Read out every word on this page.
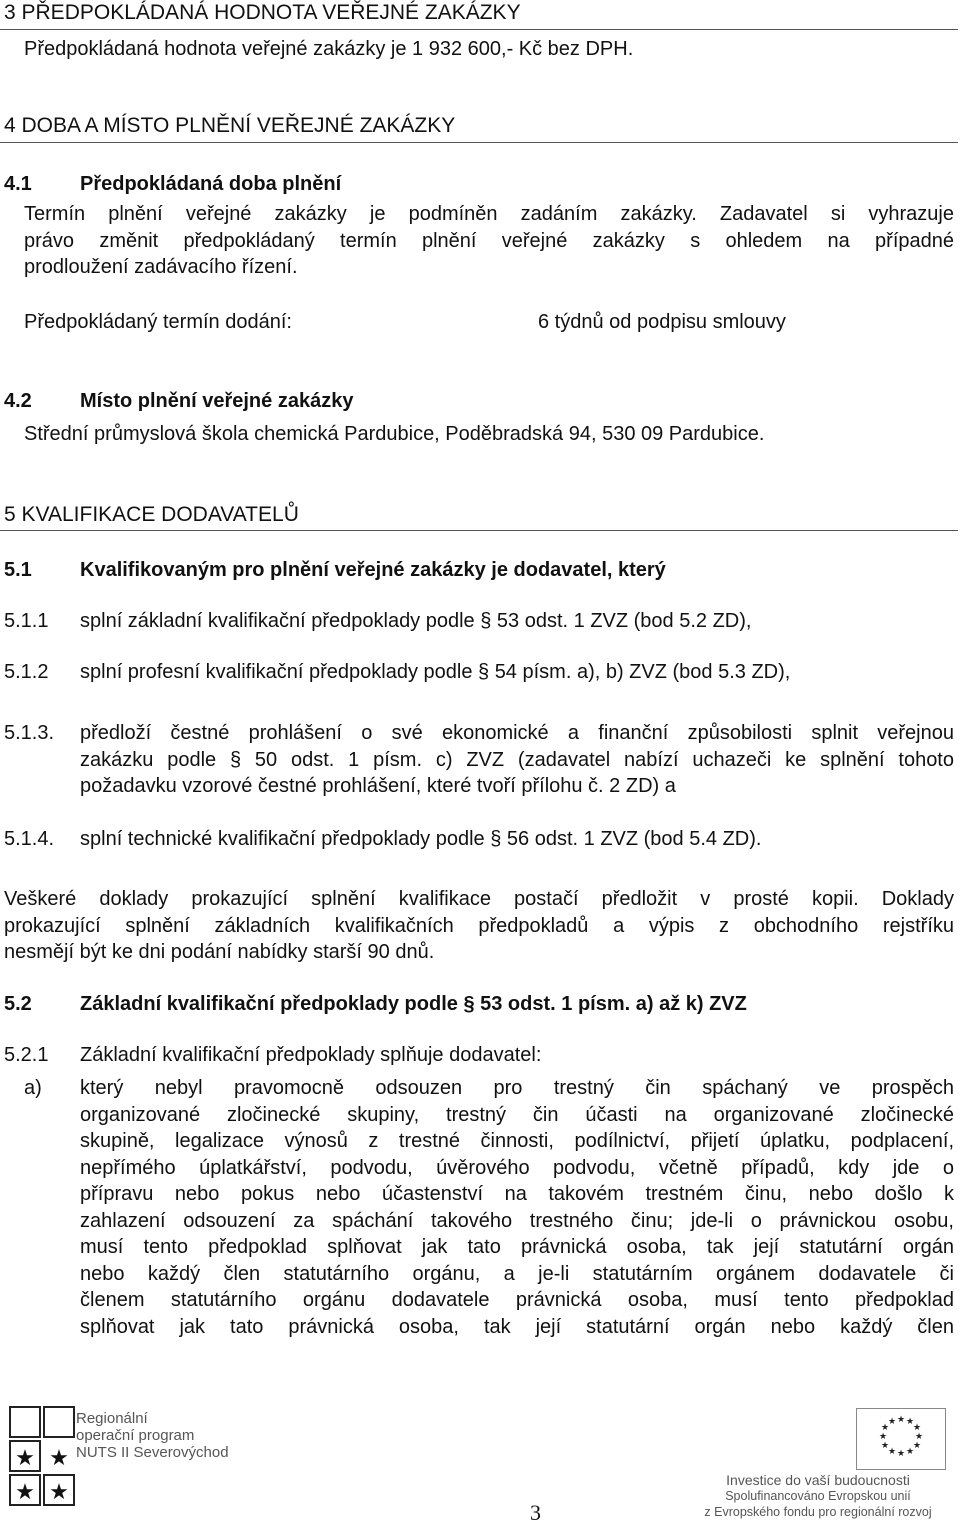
3 PŘEDPOKLÁDANÁ HODNOTA VEŘEJNÉ ZAKÁZKY
Předpokládaná hodnota veřejné zakázky je 1 932 600,- Kč bez DPH.
4 DOBA A MÍSTO PLNĚNÍ VEŘEJNÉ ZAKÁZKY
4.1 Předpokládaná doba plnění
Termín plnění veřejné zakázky je podmíněn zadáním zakázky. Zadavatel si vyhrazuje
právo změnit předpokládaný termín plnění veřejné zakázky s ohledem na případné
prodloužení zadávacího řízení.
Předpokládaný termín dodání:	6 týdnů od podpisu smlouvy
4.2 Místo plnění veřejné zakázky
Střední průmyslová škola chemická Pardubice, Poděbradská 94, 530 09 Pardubice.
5 KVALIFIKACE DODAVATELŮ
5.1 Kvalifikovaným pro plnění veřejné zakázky je dodavatel, který
5.1.1 splní základní kvalifikační předpoklady podle § 53 odst. 1 ZVZ (bod 5.2 ZD),
5.1.2 splní profesní kvalifikační předpoklady podle § 54 písm. a), b) ZVZ (bod 5.3 ZD),
5.1.3. předloží čestné prohlášení o své ekonomické a finanční způsobilosti splnit veřejnou
zakázku podle § 50 odst. 1 písm. c) ZVZ (zadavatel nabízí uchazeči ke splnění tohoto
požadavku vzorové čestné prohlášení, které tvoří přílohu č. 2 ZD) a
5.1.4. splní technické kvalifikační předpoklady podle § 56 odst. 1 ZVZ (bod 5.4 ZD).
Veškeré doklady prokazující splnění kvalifikace postačí předložit v prosté kopii. Doklady
prokazující splnění základních kvalifikačních předpokladů a výpis z obchodního rejstříku
nesmějí být ke dni podání nabídky starší 90 dnů.
5.2 Základní kvalifikační předpoklady podle § 53 odst. 1 písm. a) až k) ZVZ
5.2.1 Základní kvalifikační předpoklady splňuje dodavatel:
a) který nebyl pravomocně odsouzen pro trestný čin spáchaný ve prospěch
organizované zločinecké skupiny, trestný čin účasti na organizované zločinecké
skupině, legalizace výnosů z trestné činnosti, podílnictví, přijetí úplatku, podplacení,
nepřímého úplatkářství, podvodu, úvěrového podvodu, včetně případů, kdy jde o
přípravu nebo pokus nebo účastenství na takovém trestném činu, nebo došlo k
zahlazení odsouzení za spáchání takového trestného činu; jde-li o právnickou osobu,
musí tento předpoklad splňovat jak tato právnická osoba, tak její statutární orgán
nebo každý člen statutárního orgánu, a je-li statutárním orgánem dodavatele či
členem statutárního orgánu dodavatele právnická osoba, musí tento předpoklad
splňovat jak tato právnická osoba, tak její statutární orgán nebo každý člen
★
★ ★
★
Regionální
operační program
NUTS II Severovýchod
3
★ ★
★
★
★
★
★
★
★
★
★
★
Investice do vaší budoucnosti
Spolufinancováno Evropskou unií
z Evropského fondu pro regionální rozvoj
